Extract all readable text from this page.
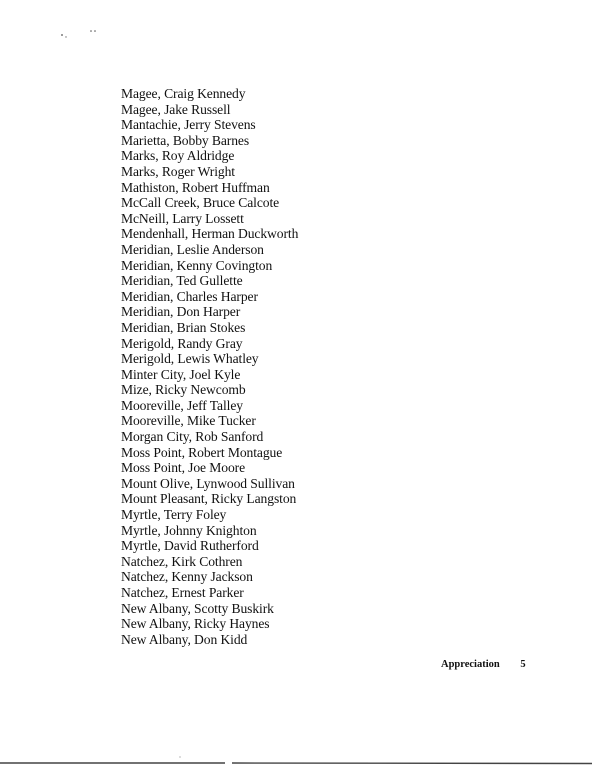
Magee, Craig Kennedy
Magee, Jake Russell
Mantachie, Jerry Stevens
Marietta, Bobby Barnes
Marks, Roy Aldridge
Marks, Roger Wright
Mathiston, Robert Huffman
McCall Creek, Bruce Calcote
McNeill, Larry Lossett
Mendenhall, Herman Duckworth
Meridian, Leslie Anderson
Meridian, Kenny Covington
Meridian, Ted Gullette
Meridian, Charles Harper
Meridian, Don Harper
Meridian, Brian Stokes
Merigold, Randy Gray
Merigold, Lewis Whatley
Minter City, Joel Kyle
Mize, Ricky Newcomb
Mooreville, Jeff Talley
Mooreville, Mike Tucker
Morgan City, Rob Sanford
Moss Point, Robert Montague
Moss Point, Joe Moore
Mount Olive, Lynwood Sullivan
Mount Pleasant, Ricky Langston
Myrtle, Terry Foley
Myrtle, Johnny Knighton
Myrtle, David Rutherford
Natchez, Kirk Cothren
Natchez, Kenny Jackson
Natchez, Ernest Parker
New Albany, Scotty Buskirk
New Albany, Ricky Haynes
New Albany, Don Kidd
Appreciation 5
